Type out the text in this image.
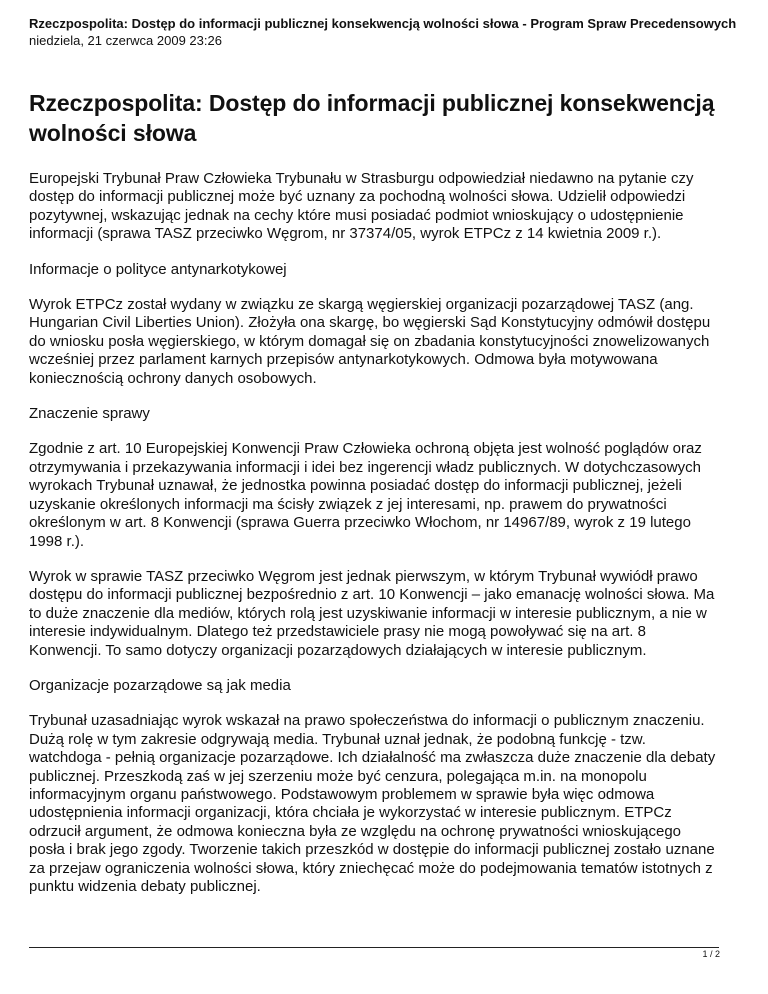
Rzeczpospolita: Dostęp do informacji publicznej konsekwencją wolności słowa - Program Spraw Precedensowych
niedziela, 21 czerwca 2009 23:26
Rzeczpospolita: Dostęp do informacji publicznej konsekwencją wolności słowa

Europejski Trybunał Praw Człowieka Trybunału w Strasburgu odpowiedział niedawno na pytanie czy dostęp do informacji publicznej może być uznany za pochodną wolności słowa. Udzielił odpowiedzi pozytywnej, wskazując jednak na cechy które musi posiadać podmiot wnioskujący o udostępnienie informacji (sprawa TASZ przeciwko Węgrom, nr 37374/05, wyrok ETPCz z 14 kwietnia 2009 r.).

Informacje o polityce antynarkotykowej

Wyrok ETPCz został wydany w związku ze skargą węgierskiej organizacji pozarządowej TASZ (ang. Hungarian Civil Liberties Union). Złożyła ona skargę, bo węgierski Sąd Konstytucyjny odmówił dostępu do wniosku posła węgierskiego, w którym domagał się on zbadania konstytucyjności znowelizowanych wcześniej przez parlament karnych przepisów antynarkotykowych. Odmowa była motywowana koniecznością ochrony danych osobowych.

Znaczenie sprawy

Zgodnie z art. 10 Europejskiej Konwencji Praw Człowieka ochroną objęta jest wolność poglądów oraz otrzymywania i przekazywania informacji i idei bez ingerencji władz publicznych. W dotychczasowych wyrokach Trybunał uznawał, że jednostka powinna posiadać dostęp do informacji publicznej, jeżeli uzyskanie określonych informacji ma ścisły związek z jej interesami, np. prawem do prywatności określonym w art. 8 Konwencji (sprawa Guerra przeciwko Włochom, nr 14967/89, wyrok z 19 lutego 1998 r.).

Wyrok w sprawie TASZ przeciwko Węgrom jest jednak pierwszym, w którym Trybunał wywiódł prawo dostępu do informacji publicznej bezpośrednio z art. 10 Konwencji – jako emanację wolności słowa. Ma to duże znaczenie dla mediów, których rolą jest uzyskiwanie informacji w interesie publicznym, a nie w interesie indywidualnym. Dlatego też przedstawiciele prasy nie mogą powoływać się na art. 8 Konwencji. To samo dotyczy organizacji pozarządowych działających w interesie publicznym.

Organizacje pozarządowe są jak media

Trybunał uzasadniając wyrok wskazał na prawo społeczeństwa do informacji o publicznym znaczeniu. Dużą rolę w tym zakresie odgrywają media. Trybunał uznał jednak, że podobną funkcję - tzw. watchdoga - pełnią organizacje pozarządowe. Ich działalność ma zwłaszcza duże znaczenie dla debaty publicznej. Przeszkodą zaś w jej szerzeniu może być cenzura, polegająca m.in. na monopolu informacyjnym organu państwowego. Podstawowym problemem w sprawie była więc odmowa udostępnienia informacji organizacji, która chciała je wykorzystać w interesie publicznym. ETPCz odrzucił argument, że odmowa konieczna była ze względu na ochronę prywatności wnioskującego posła i brak jego zgody. Tworzenie takich przeszkód w dostępie do informacji publicznej zostało uznane za przejaw ograniczenia wolności słowa, który zniechęcać może do podejmowania tematów istotnych z punktu widzenia debaty publicznej.

1 / 2
